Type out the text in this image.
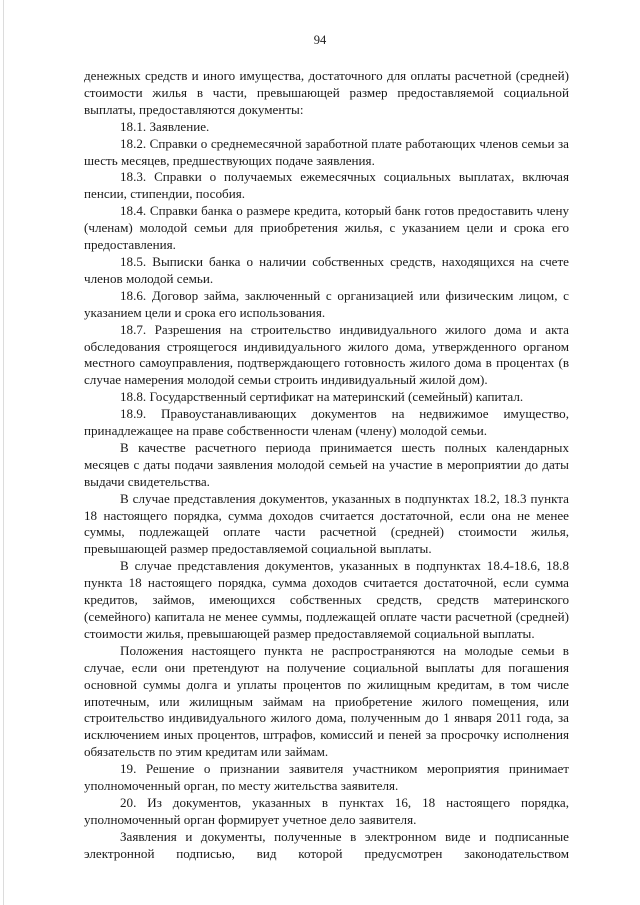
94

денежных средств и иного имущества, достаточного для оплаты расчетной (средней) стоимости жилья в части, превышающей размер предоставляемой социальной выплаты, предоставляются документы:

18.1. Заявление.

18.2. Справки о среднемесячной заработной плате работающих членов семьи за шесть месяцев, предшествующих подаче заявления.

18.3. Справки о получаемых ежемесячных социальных выплатах, включая пенсии, стипендии, пособия.

18.4. Справки банка о размере кредита, который банк готов предоставить члену (членам) молодой семьи для приобретения жилья, с указанием цели и срока его предоставления.

18.5. Выписки банка о наличии собственных средств, находящихся на счете членов молодой семьи.

18.6. Договор займа, заключенный с организацией или физическим лицом, с указанием цели и срока его использования.

18.7. Разрешения на строительство индивидуального жилого дома и акта обследования строящегося индивидуального жилого дома, утвержденного органом местного самоуправления, подтверждающего готовность жилого дома в процентах (в случае намерения молодой семьи строить индивидуальный жилой дом).

18.8. Государственный сертификат на материнский (семейный) капитал.

18.9. Правоустанавливающих документов на недвижимое имущество, принадлежащее на праве собственности членам (члену) молодой семьи.

В качестве расчетного периода принимается шесть полных календарных месяцев с даты подачи заявления молодой семьей на участие в мероприятии до даты выдачи свидетельства.

В случае представления документов, указанных в подпунктах 18.2, 18.3 пункта 18 настоящего порядка, сумма доходов считается достаточной, если она не менее суммы, подлежащей оплате части расчетной (средней) стоимости жилья, превышающей размер предоставляемой социальной выплаты.

В случае представления документов, указанных в подпунктах 18.4-18.6, 18.8 пункта 18 настоящего порядка, сумма доходов считается достаточной, если сумма кредитов, займов, имеющихся собственных средств, средств материнского (семейного) капитала не менее суммы, подлежащей оплате части расчетной (средней) стоимости жилья, превышающей размер предоставляемой социальной выплаты.

Положения настоящего пункта не распространяются на молодые семьи в случае, если они претендуют на получение социальной выплаты для погашения основной суммы долга и уплаты процентов по жилищным кредитам, в том числе ипотечным, или жилищным займам на приобретение жилого помещения, или строительство индивидуального жилого дома, полученным до 1 января 2011 года, за исключением иных процентов, штрафов, комиссий и пеней за просрочку исполнения обязательств по этим кредитам или займам.

19. Решение о признании заявителя участником мероприятия принимает уполномоченный орган, по месту жительства заявителя.

20. Из документов, указанных в пунктах 16, 18 настоящего порядка, уполномоченный орган формирует учетное дело заявителя.

Заявления и документы, полученные в электронном виде и подписанные электронной подписью, вид которой предусмотрен законодательством
